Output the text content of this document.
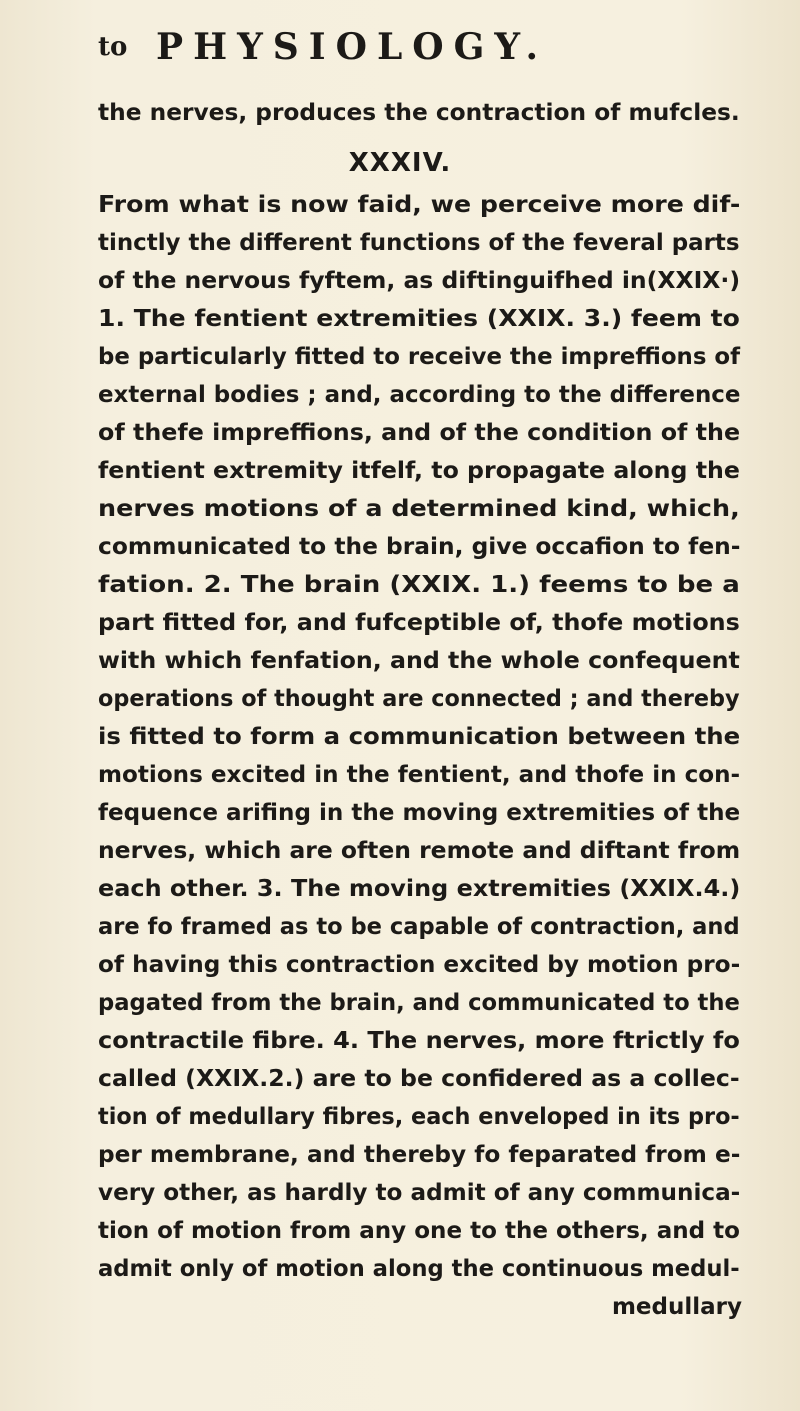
to PHYSIOLOGY.
the nerves, produces the contraction of mufcles.
XXXIV.
From what is now faid, we perceive more dif-
tinctly the different functions of the feveral parts
of the nervous fyftem, as diftinguifhed in(XXIX·)
1. The fentient extremities (XXIX. 3.) feem to
be particularly fitted to receive the impreffions of
external bodies ; and, according to the difference
of thefe impreffions, and of the condition of the
fentient extremity itfelf, to propagate along the
nerves motions of a determined kind, which,
communicated to the brain, give occafion to fen-
fation. 2. The brain (XXIX. 1.) feems to be a
part fitted for, and fufceptible of, thofe motions
with which fenfation, and the whole confequent
operations of thought are connected ; and thereby
is fitted to form a communication between the
motions excited in the fentient, and thofe in con-
fequence arifing in the moving extremities of the
nerves, which are often remote and diftant from
each other. 3. The moving extremities (XXIX.4.)
are fo framed as to be capable of contraction, and
of having this contraction excited by motion pro-
pagated from the brain, and communicated to the
contractile fibre. 4. The nerves, more ftrictly fo
called (XXIX.2.) are to be confidered as a collec-
tion of medullary fibres, each enveloped in its pro-
per membrane, and thereby fo feparated from e-
very other, as hardly to admit of any communica-
tion of motion from any one to the others, and to
admit only of motion along the continuous medul-
medullary
